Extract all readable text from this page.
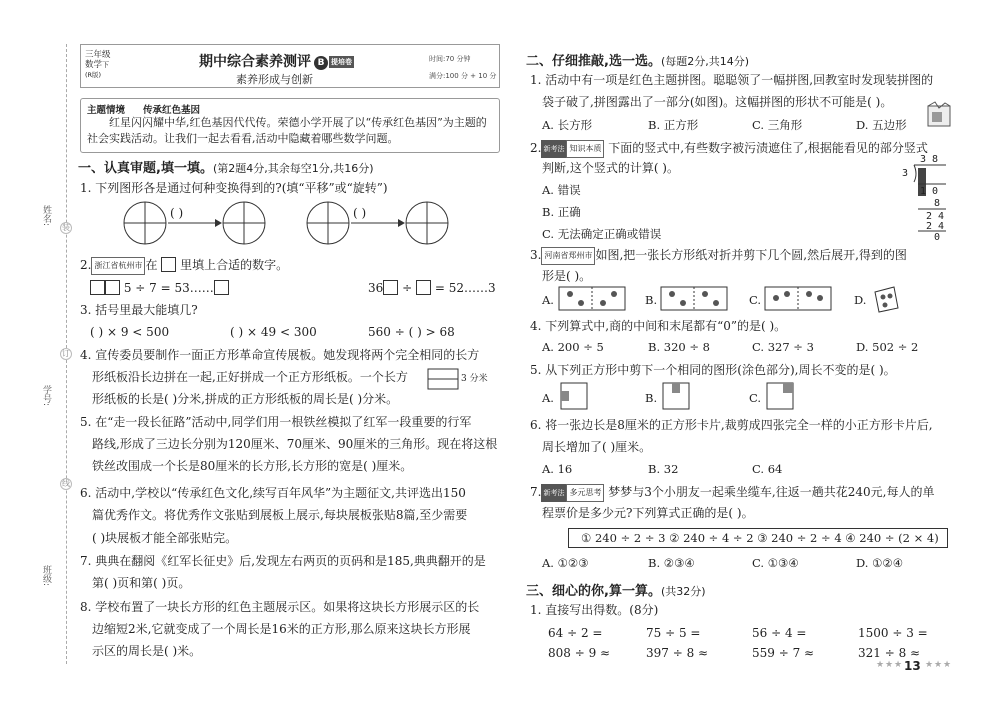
姓名:
学号:
班级:
装
订
线
三年级
数学下
(R版)
期中综合素养测评 B 提培卷
素养形成与创新
时间:70 分钟
满分:100 分 + 10 分
主题情境 传承红色基因
红星闪闪耀中华,红色基因代代传。荣德小学开展了以“传承红色基因”为主题的社会实践活动。让我们一起去看看,活动中隐藏着哪些数学问题。
一、认真审题,填一填。(第2题4分,其余每空1分,共16分)
1. 下列图形各是通过何种变换得到的?(填“平移”或“旋转”)
( )	( )
2. 浙江省杭州市 在 里填上合适的数字。
5 ÷ 7 = 53……	36 ÷ = 52……3
3. 括号里最大能填几?
( ) × 9 < 500	( ) × 49 < 300	560 ÷ ( ) > 68
4. 宣传委员要制作一面正方形革命宣传展板。她发现将两个完全相同的长方
形纸板沿长边拼在一起,正好拼成一个正方形纸板。一个长方
形纸板的长是( )分米,拼成的正方形纸板的周长是( )分米。
3 分米
5. 在“走一段长征路”活动中,同学们用一根铁丝模拟了红军一段重要的行军
路线,形成了三边长分别为120厘米、70厘米、90厘米的三角形。现在将这根
铁丝改围成一个长是80厘米的长方形,长方形的宽是( )厘米。
6. 活动中,学校以“传承红色文化,续写百年风华”为主题征文,共评选出150
篇优秀作文。将优秀作文张贴到展板上展示,每块展板张贴8篇,至少需要
( )块展板才能全部张贴完。
7. 典典在翻阅《红军长征史》后,发现左右两页的页码和是185,典典翻开的是
第( )页和第( )页。
8. 学校布置了一块长方形的红色主题展示区。如果将这块长方形展示区的长
边缩短2米,它就变成了一个周长是16米的正方形,那么原来这块长方形展
示区的周长是( )米。
二、仔细推敲,选一选。(每题2分,共14分)
1. 活动中有一项是红色主题拼图。聪聪领了一幅拼图,回教室时发现装拼图的
袋子破了,拼图露出了一部分(如图)。这幅拼图的形状不可能是( )。
A. 长方形	B. 正方形	C. 三角形	D. 五边形
2. 新考法 知识本质 下面的竖式中,有些数字被污渍遮住了,根据能看见的部分竖式
判断,这个竖式的计算( )。
A. 错误
B. 正确
C. 无法确定正确或错误
3 8
3
1 0
8
2 4
2 4
0
3. 河南省郑州市 如图,把一张长方形纸对折并剪下几个圆,然后展开,得到的图
形是( )。
A.	B.	C.	D.
4. 下列算式中,商的中间和末尾都有“0”的是( )。
A. 200 ÷ 5	B. 320 ÷ 8	C. 327 ÷ 3	D. 502 ÷ 2
5. 从下列正方形中剪下一个相同的图形(涂色部分),周长不变的是( )。
A.	B.	C.
6. 将一张边长是8厘米的正方形卡片,裁剪成四张完全一样的小正方形卡片后,
周长增加了( )厘米。
A. 16	B. 32	C. 64
7. 新考法 多元思考 梦梦与3个小朋友一起乘坐缆车,往返一趟共花240元,每人的单
程票价是多少元?下列算式正确的是( )。
① 240 ÷ 2 ÷ 3 ② 240 ÷ 4 ÷ 2 ③ 240 ÷ 2 ÷ 4 ④ 240 ÷ (2 × 4)
A. ①②③	B. ②③④	C. ①③④	D. ①②④
三、细心的你,算一算。(共32分)
1. 直接写出得数。(8分)
64 ÷ 2 =	75 ÷ 5 =	56 ÷ 4 =	1500 ÷ 3 =
808 ÷ 9 ≈	397 ÷ 8 ≈	559 ÷ 7 ≈	321 ÷ 8 ≈
★ ★ ★ 13 ★ ★ ★
